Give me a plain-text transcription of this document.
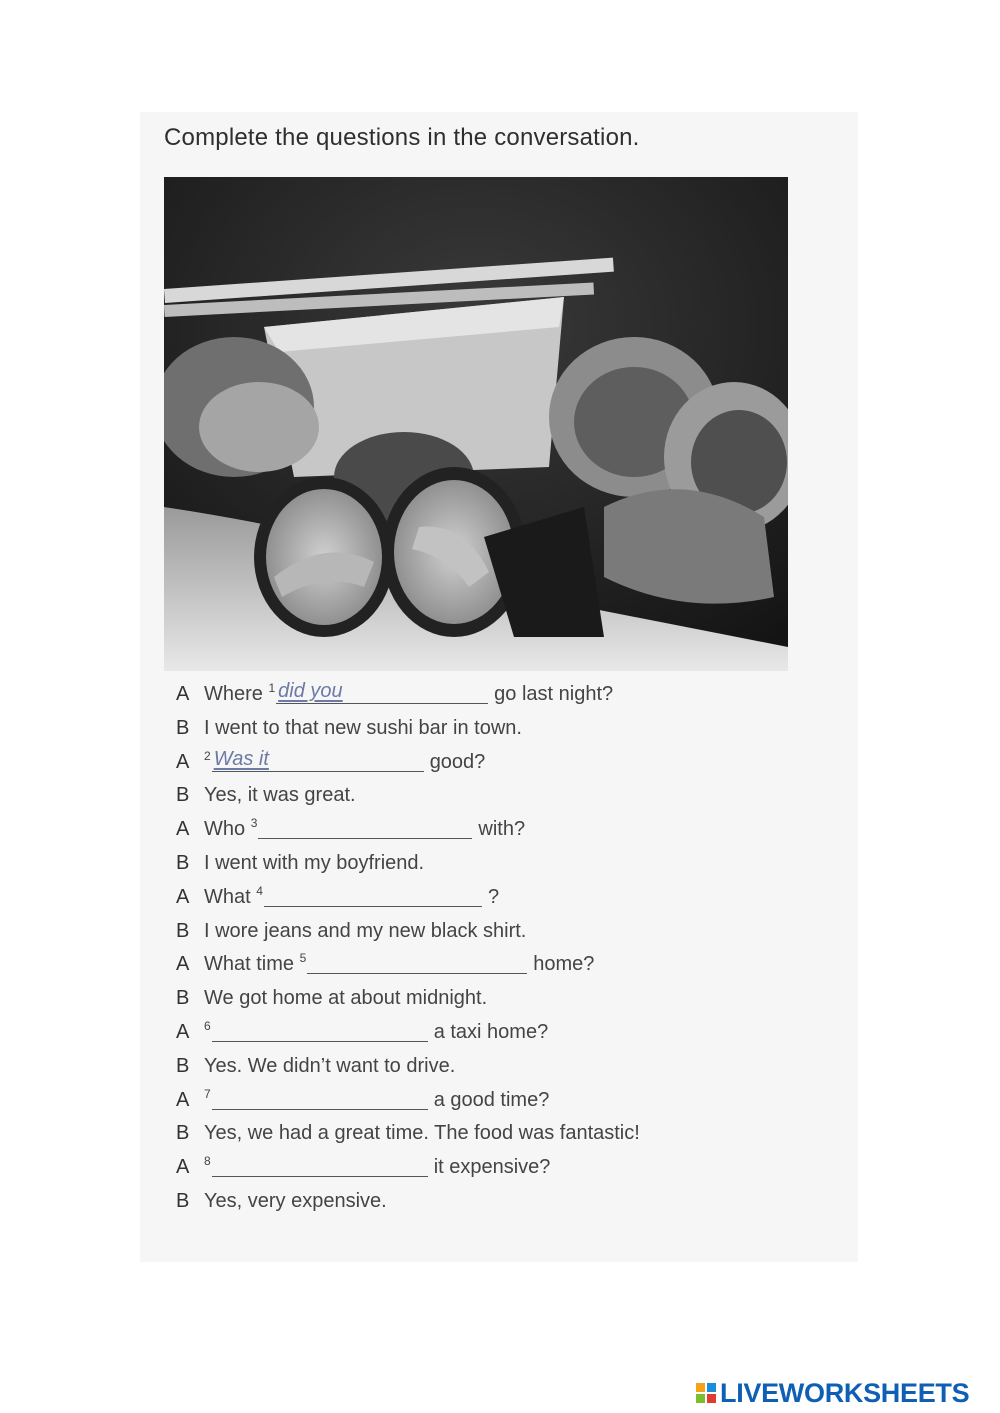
Complete the questions in the conversation.
A Where $^1$ did you	go last night?
B I went to that new sushi bar in town.
A $^2$ Was it	good?
B Yes, it was great.
A Who $^3$	with?
B I went with my boyfriend.
A What $^4$	?
B I wore jeans and my new black shirt.
A What time $^5$	home?
B We got home at about midnight.
A $^6$	a taxi home?
B Yes. We didn’t want to drive.
A $^7$	a good time?
B Yes, we had a great time. The food was fantastic!
A $^8$	it expensive?
B Yes, very expensive.
LIVEWORKSHEETS
